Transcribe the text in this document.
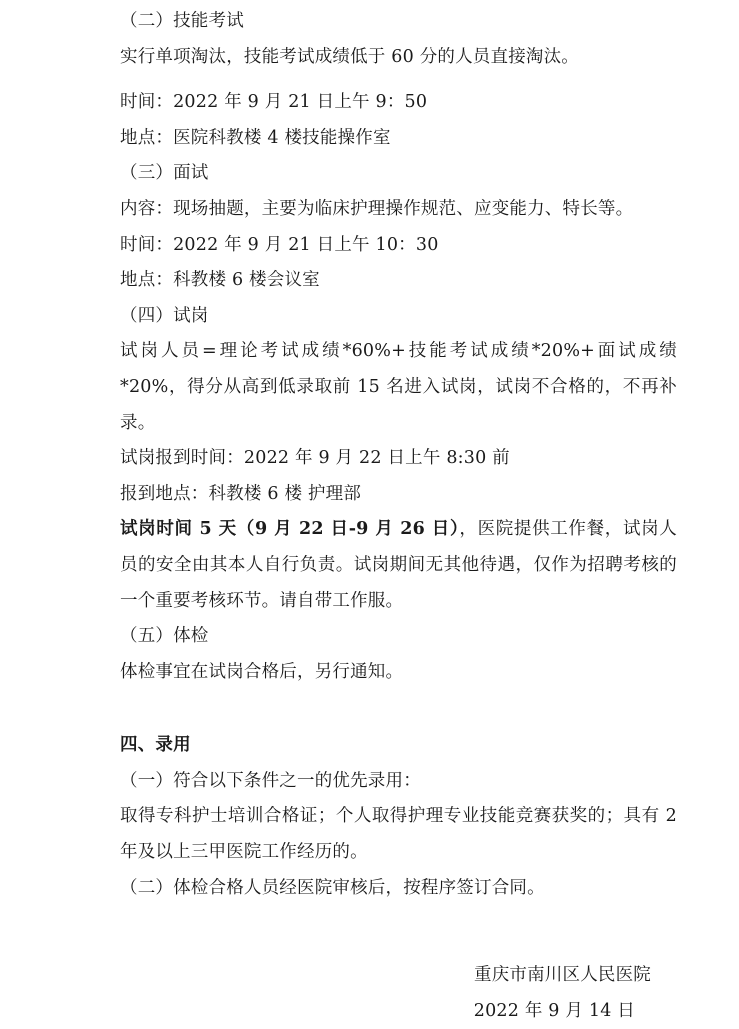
（二）技能考试

实行单项淘汰，技能考试成绩低于 60 分的人员直接淘汰。

时间：2022 年 9 月 21 日上午 9：50

地点：医院科教楼 4 楼技能操作室

（三）面试

内容：现场抽题，主要为临床护理操作规范、应变能力、特长等。

时间：2022 年 9 月 21 日上午 10：30

地点：科教楼 6 楼会议室

（四）试岗

试岗人员=理论考试成绩*60%+技能考试成绩*20%+面试成绩*20%，得分从高到低录取前 15 名进入试岗，试岗不合格的，不再补录。

试岗报到时间：2022 年 9 月 22 日上午 8:30 前

报到地点：科教楼 6 楼 护理部

试岗时间 5 天（9 月 22 日-9 月 26 日），医院提供工作餐，试岗人员的安全由其本人自行负责。试岗期间无其他待遇，仅作为招聘考核的一个重要考核环节。请自带工作服。

（五）体检

体检事宜在试岗合格后，另行通知。

四、录用

（一）符合以下条件之一的优先录用：

取得专科护士培训合格证；个人取得护理专业技能竞赛获奖的；具有 2 年及以上三甲医院工作经历的。

（二）体检合格人员经医院审核后，按程序签订合同。

重庆市南川区人民医院

2022 年 9 月 14 日
